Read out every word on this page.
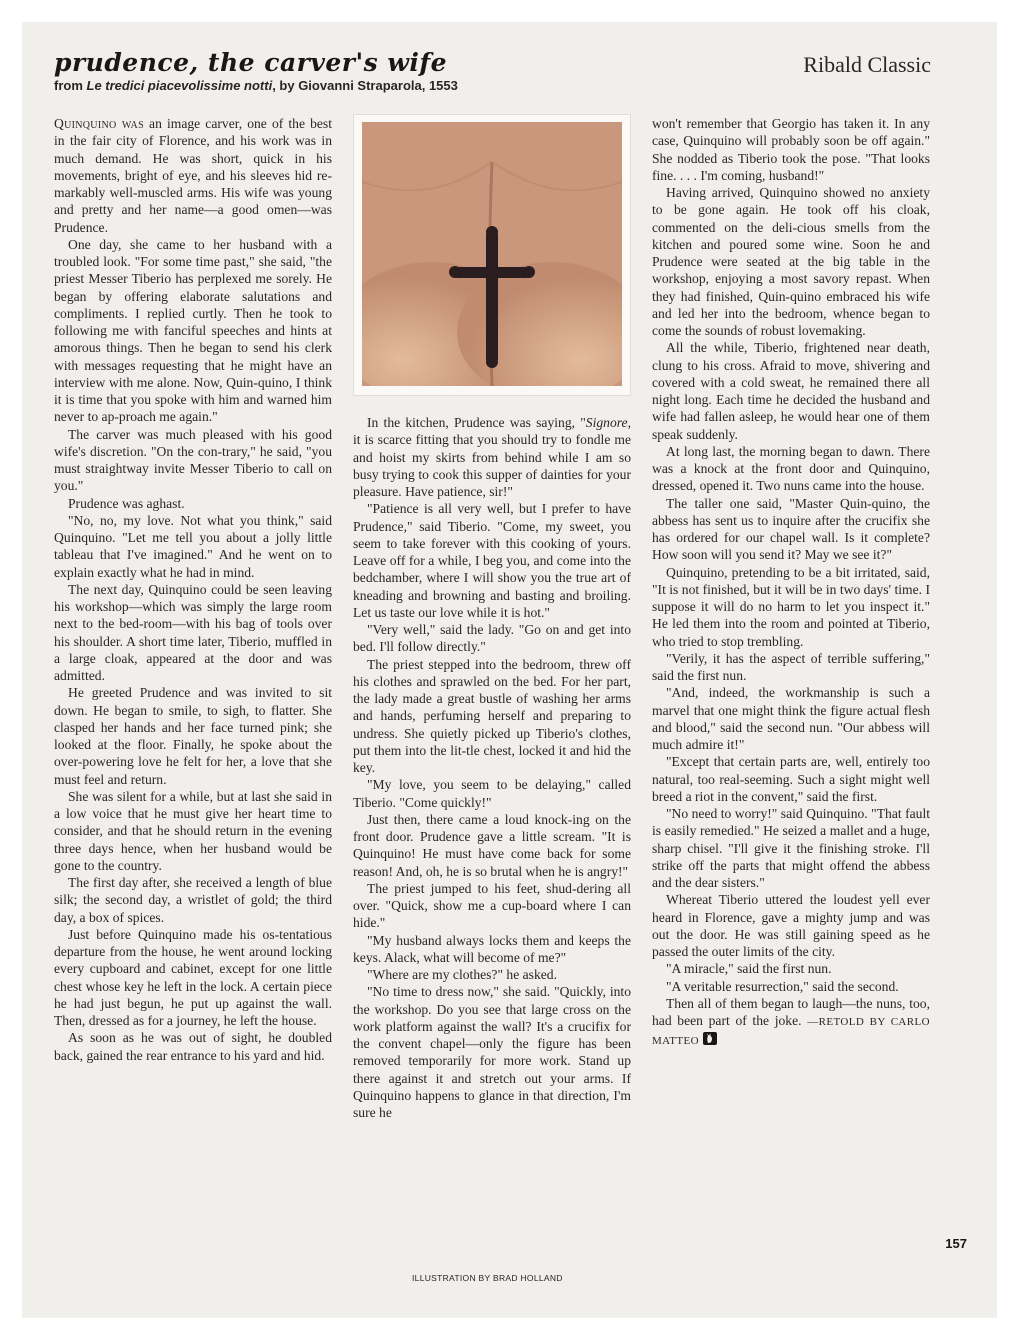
prudence, the carver's wife	Ribald Classic
from Le tredici piacevolissime notti, by Giovanni Straparola, 1553

Quinquino was an image carver, one of the best in the fair city of Florence, and his work was in much demand. He was short, quick in his movements, bright of eye, and his sleeves hid re-markably well-muscled arms. His wife was young and pretty and her name—a good omen—was Prudence.

One day, she came to her husband with a troubled look. "For some time past," she said, "the priest Messer Tiberio has perplexed me sorely. He began by offering elaborate salutations and compliments. I replied curtly. Then he took to following me with fanciful speeches and hints at amorous things. Then he began to send his clerk with messages requesting that he might have an interview with me alone. Now, Quin-quino, I think it is time that you spoke with him and warned him never to ap-proach me again."

The carver was much pleased with his good wife's discretion. "On the con-trary," he said, "you must straightway invite Messer Tiberio to call on you."

Prudence was aghast.

"No, no, my love. Not what you think," said Quinquino. "Let me tell you about a jolly little tableau that I've imagined." And he went on to explain exactly what he had in mind.

The next day, Quinquino could be seen leaving his workshop—which was simply the large room next to the bed-room—with his bag of tools over his shoulder. A short time later, Tiberio, muffled in a large cloak, appeared at the door and was admitted.

He greeted Prudence and was invited to sit down. He began to smile, to sigh, to flatter. She clasped her hands and her face turned pink; she looked at the floor. Finally, he spoke about the over-powering love he felt for her, a love that she must feel and return.

She was silent for a while, but at last she said in a low voice that he must give her heart time to consider, and that he should return in the evening three days hence, when her husband would be gone to the country.

The first day after, she received a length of blue silk; the second day, a wristlet of gold; the third day, a box of spices.

Just before Quinquino made his os-tentatious departure from the house, he went around locking every cupboard and cabinet, except for one little chest whose key he left in the lock. A certain piece he had just begun, he put up against the wall. Then, dressed as for a journey, he left the house.

As soon as he was out of sight, he doubled back, gained the rear entrance to his yard and hid.

In the kitchen, Prudence was saying, "Signore, it is scarce fitting that you should try to fondle me and hoist my skirts from behind while I am so busy trying to cook this supper of dainties for your pleasure. Have patience, sir!"

"Patience is all very well, but I prefer to have Prudence," said Tiberio. "Come, my sweet, you seem to take forever with this cooking of yours. Leave off for a while, I beg you, and come into the bedchamber, where I will show you the true art of kneading and browning and basting and broiling. Let us taste our love while it is hot."

"Very well," said the lady. "Go on and get into bed. I'll follow directly."

The priest stepped into the bedroom, threw off his clothes and sprawled on the bed. For her part, the lady made a great bustle of washing her arms and hands, perfuming herself and preparing to undress. She quietly picked up Tiberio's clothes, put them into the lit-tle chest, locked it and hid the key.

"My love, you seem to be delaying," called Tiberio. "Come quickly!"

Just then, there came a loud knock-ing on the front door. Prudence gave a little scream. "It is Quinquino! He must have come back for some reason! And, oh, he is so brutal when he is angry!"

The priest jumped to his feet, shud-dering all over. "Quick, show me a cup-board where I can hide."

"My husband always locks them and keeps the keys. Alack, what will become of me?"

"Where are my clothes?" he asked.

"No time to dress now," she said. "Quickly, into the workshop. Do you see that large cross on the work platform against the wall? It's a crucifix for the convent chapel—only the figure has been removed temporarily for more work. Stand up there against it and stretch out your arms. If Quinquino happens to glance in that direction, I'm sure he

won't remember that Georgio has taken it. In any case, Quinquino will probably soon be off again." She nodded as Tiberio took the pose. "That looks fine. . . . I'm coming, husband!"

Having arrived, Quinquino showed no anxiety to be gone again. He took off his cloak, commented on the deli-cious smells from the kitchen and poured some wine. Soon he and Prudence were seated at the big table in the workshop, enjoying a most savory repast. When they had finished, Quin-quino embraced his wife and led her into the bedroom, whence began to come the sounds of robust lovemaking.

All the while, Tiberio, frightened near death, clung to his cross. Afraid to move, shivering and covered with a cold sweat, he remained there all night long. Each time he decided the husband and wife had fallen asleep, he would hear one of them speak suddenly.

At long last, the morning began to dawn. There was a knock at the front door and Quinquino, dressed, opened it. Two nuns came into the house.

The taller one said, "Master Quin-quino, the abbess has sent us to inquire after the crucifix she has ordered for our chapel wall. Is it complete? How soon will you send it? May we see it?"

Quinquino, pretending to be a bit irritated, said, "It is not finished, but it will be in two days' time. I suppose it will do no harm to let you inspect it." He led them into the room and pointed at Tiberio, who tried to stop trembling.

"Verily, it has the aspect of terrible suffering," said the first nun.

"And, indeed, the workmanship is such a marvel that one might think the figure actual flesh and blood," said the second nun. "Our abbess will much admire it!"

"Except that certain parts are, well, entirely too natural, too real-seeming. Such a sight might well breed a riot in the convent," said the first.

"No need to worry!" said Quinquino. "That fault is easily remedied." He seized a mallet and a huge, sharp chisel. "I'll give it the finishing stroke. I'll strike off the parts that might offend the abbess and the dear sisters."

Whereat Tiberio uttered the loudest yell ever heard in Florence, gave a mighty jump and was out the door. He was still gaining speed as he passed the outer limits of the city.

"A miracle," said the first nun.

"A veritable resurrection," said the second.

Then all of them began to laugh—the nuns, too, had been part of the joke. —RETOLD BY CARLO MATTEO

157
ILLUSTRATION BY BRAD HOLLAND
